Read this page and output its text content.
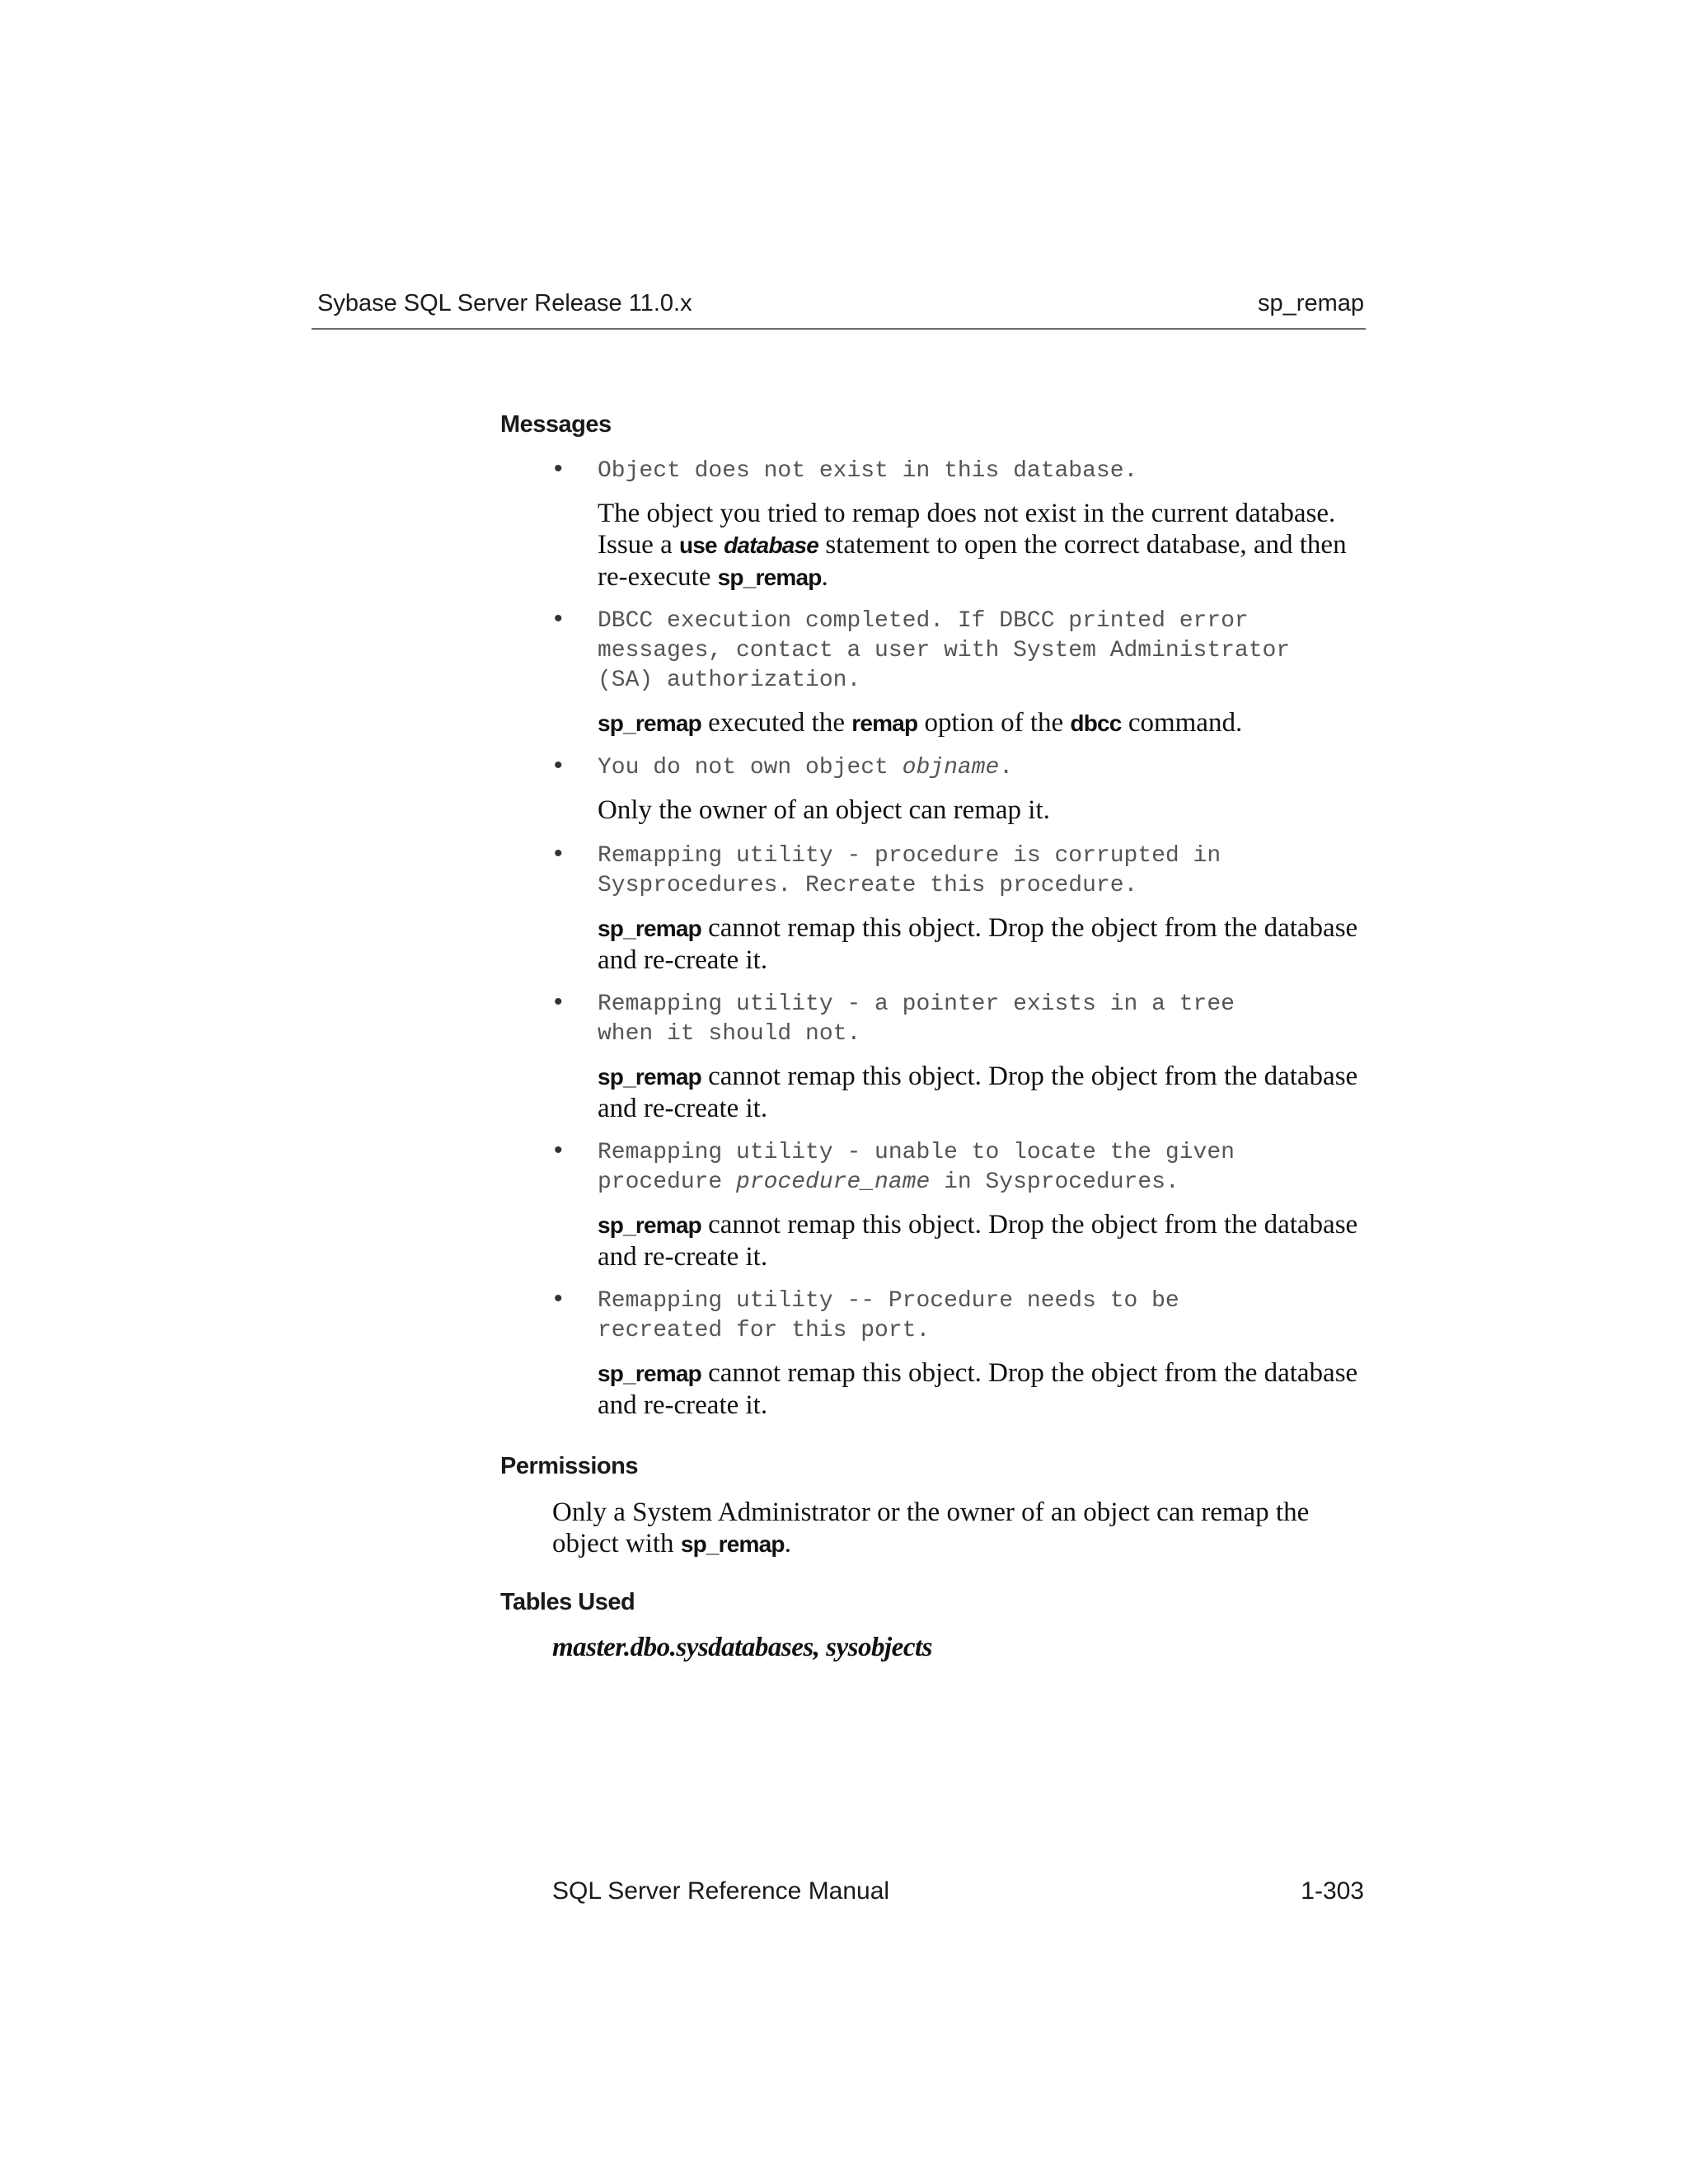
Sybase SQL Server Release 11.0.x	sp_remap
Messages
• Object does not exist in this database.
The object you tried to remap does not exist in the current database. Issue a use database statement to open the correct database, and then re-execute sp_remap.
• DBCC execution completed. If DBCC printed error
messages, contact a user with System Administrator
(SA) authorization.
sp_remap executed the remap option of the dbcc command.
• You do not own object objname.
Only the owner of an object can remap it.
• Remapping utility - procedure is corrupted in
Sysprocedures. Recreate this procedure.
sp_remap cannot remap this object. Drop the object from the database and re-create it.
• Remapping utility - a pointer exists in a tree
when it should not.
sp_remap cannot remap this object. Drop the object from the database and re-create it.
• Remapping utility - unable to locate the given
procedure procedure_name in Sysprocedures.
sp_remap cannot remap this object. Drop the object from the database and re-create it.
• Remapping utility -- Procedure needs to be
recreated for this port.
sp_remap cannot remap this object. Drop the object from the database and re-create it.
Permissions
Only a System Administrator or the owner of an object can remap the object with sp_remap.
Tables Used
master.dbo.sysdatabases, sysobjects
SQL Server Reference Manual	1-303
